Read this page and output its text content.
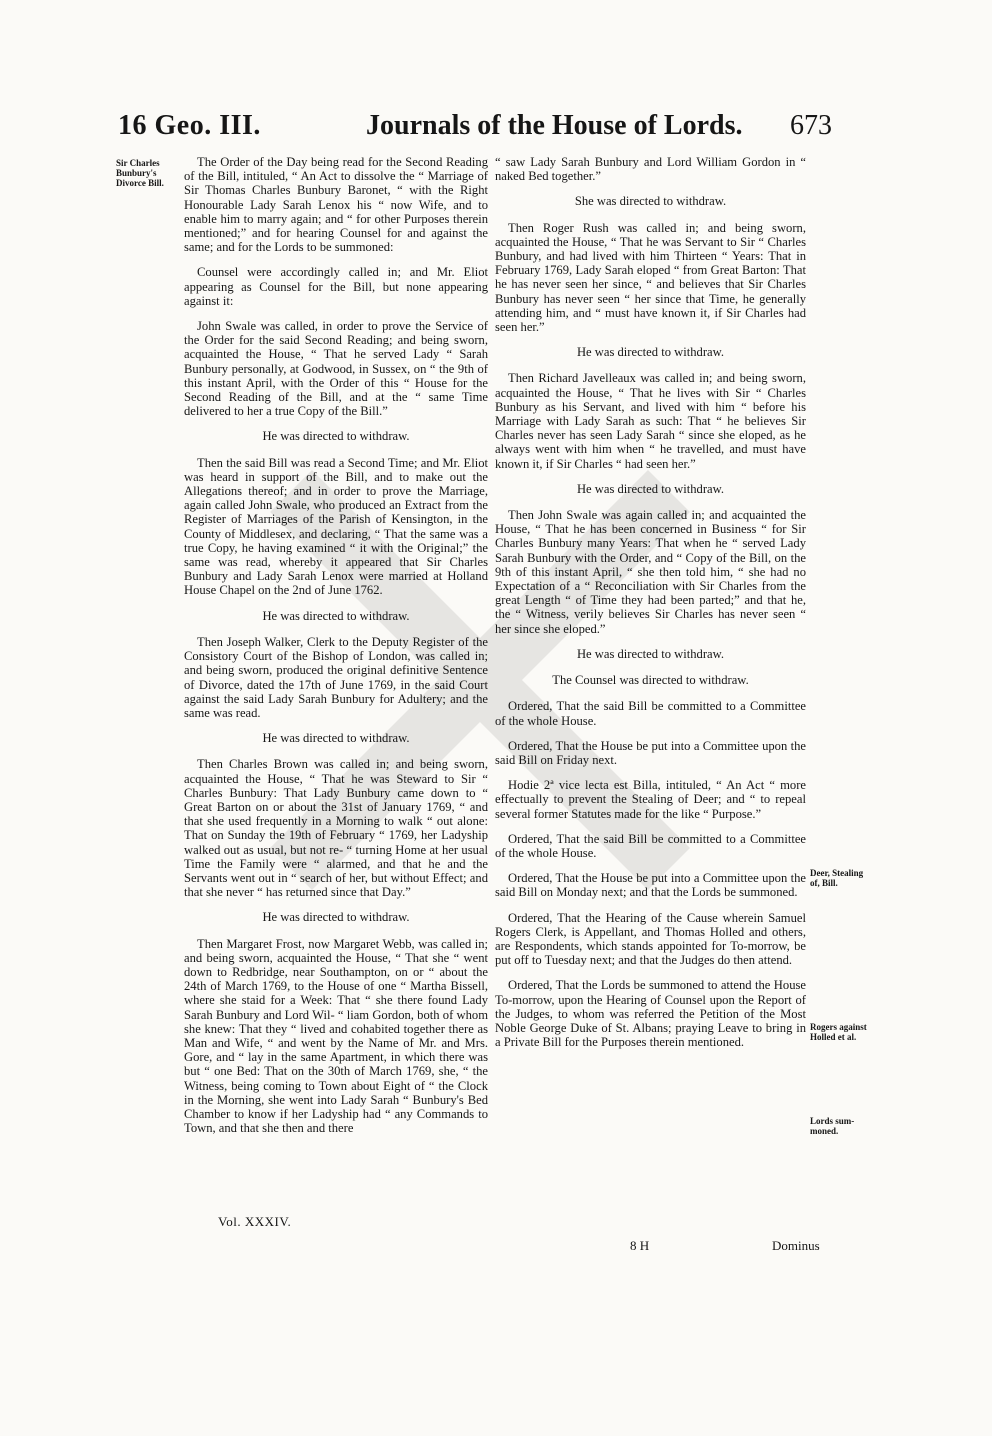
16 Geo. III.	Journals of the House of Lords. 673
Sir Charles Bunbury's Divorce Bill.
Deer, Stealing of, Bill.
Rogers against Holled et al.
Lords sum-moned.

The Order of the Day being read for the Second Reading of the Bill, intituled, “ An Act to dissolve the “ Marriage of Sir Thomas Charles Bunbury Baronet, “ with the Right Honourable Lady Sarah Lenox his “ now Wife, and to enable him to marry again; and “ for other Purposes therein mentioned;” and for hearing Counsel for and against the same; and for the Lords to be summoned:

Counsel were accordingly called in; and Mr. Eliot appearing as Counsel for the Bill, but none appearing against it:

John Swale was called, in order to prove the Service of the Order for the said Second Reading; and being sworn, acquainted the House, “ That he served Lady “ Sarah Bunbury personally, at Godwood, in Sussex, on “ the 9th of this instant April, with the Order of this “ House for the Second Reading of the Bill, and at the “ same Time delivered to her a true Copy of the Bill.”

He was directed to withdraw.

Then the said Bill was read a Second Time; and Mr. Eliot was heard in support of the Bill, and to make out the Allegations thereof; and in order to prove the Marriage, again called John Swale, who produced an Extract from the Register of Marriages of the Parish of Kensington, in the County of Middlesex, and declaring, “ That the same was a true Copy, he having examined “ it with the Original;” the same was read, whereby it appeared that Sir Charles Bunbury and Lady Sarah Lenox were married at Holland House Chapel on the 2nd of June 1762.

He was directed to withdraw.

Then Joseph Walker, Clerk to the Deputy Register of the Consistory Court of the Bishop of London, was called in; and being sworn, produced the original definitive Sentence of Divorce, dated the 17th of June 1769, in the said Court against the said Lady Sarah Bunbury for Adultery; and the same was read.

He was directed to withdraw.

Then Charles Brown was called in; and being sworn, acquainted the House, “ That he was Steward to Sir “ Charles Bunbury: That Lady Bunbury came down to “ Great Barton on or about the 31st of January 1769, “ and that she used frequently in a Morning to walk “ out alone: That on Sunday the 19th of February “ 1769, her Ladyship walked out as usual, but not re- “ turning Home at her usual Time the Family were “ alarmed, and that he and the Servants went out in “ search of her, but without Effect; and that she never “ has returned since that Day.”

He was directed to withdraw.

Then Margaret Frost, now Margaret Webb, was called in; and being sworn, acquainted the House, “ That she “ went down to Redbridge, near Southampton, on or “ about the 24th of March 1769, to the House of one “ Martha Bissell, where she staid for a Week: That “ she there found Lady Sarah Bunbury and Lord Wil- “ liam Gordon, both of whom she knew: That they “ lived and cohabited together there as Man and Wife, “ and went by the Name of Mr. and Mrs. Gore, and “ lay in the same Apartment, in which there was but “ one Bed: That on the 30th of March 1769, she, “ the Witness, being coming to Town about Eight of “ the Clock in the Morning, she went into Lady Sarah “ Bunbury's Bed Chamber to know if her Ladyship had “ any Commands to Town, and that she then and there

“ saw Lady Sarah Bunbury and Lord William Gordon in “ naked Bed together.”

She was directed to withdraw.

Then Roger Rush was called in; and being sworn, acquainted the House, “ That he was Servant to Sir “ Charles Bunbury, and had lived with him Thirteen “ Years: That in February 1769, Lady Sarah eloped “ from Great Barton: That he has never seen her since, “ and believes that Sir Charles Bunbury has never seen “ her since that Time, he generally attending him, and “ must have known it, if Sir Charles had seen her.”

He was directed to withdraw.

Then Richard Javelleaux was called in; and being sworn, acquainted the House, “ That he lives with Sir “ Charles Bunbury as his Servant, and lived with him “ before his Marriage with Lady Sarah as such: That “ he believes Sir Charles never has seen Lady Sarah “ since she eloped, as he always went with him when “ he travelled, and must have known it, if Sir Charles “ had seen her.”

He was directed to withdraw.

Then John Swale was again called in; and acquainted the House, “ That he has been concerned in Business “ for Sir Charles Bunbury many Years: That when he “ served Lady Sarah Bunbury with the Order, and “ Copy of the Bill, on the 9th of this instant April, “ she then told him, “ she had no Expectation of a “ Reconciliation with Sir Charles from the great Length “ of Time they had been parted;” and that he, the “ Witness, verily believes Sir Charles has never seen “ her since she eloped.”

He was directed to withdraw.

The Counsel was directed to withdraw.

Ordered, That the said Bill be committed to a Committee of the whole House.

Ordered, That the House be put into a Committee upon the said Bill on Friday next.

Hodie 2ª vice lecta est Billa, intituled, “ An Act “ more effectually to prevent the Stealing of Deer; and “ to repeal several former Statutes made for the like “ Purpose.”

Ordered, That the said Bill be committed to a Committee of the whole House.

Ordered, That the House be put into a Committee upon the said Bill on Monday next; and that the Lords be summoned.

Ordered, That the Hearing of the Cause wherein Samuel Rogers Clerk, is Appellant, and Thomas Holled and others, are Respondents, which stands appointed for To-morrow, be put off to Tuesday next; and that the Judges do then attend.

Ordered, That the Lords be summoned to attend the House To-morrow, upon the Hearing of Counsel upon the Report of the Judges, to whom was referred the Petition of the Most Noble George Duke of St. Albans; praying Leave to bring in a Private Bill for the Purposes therein mentioned.

Vol. XXXIV.
8 H	Dominus
